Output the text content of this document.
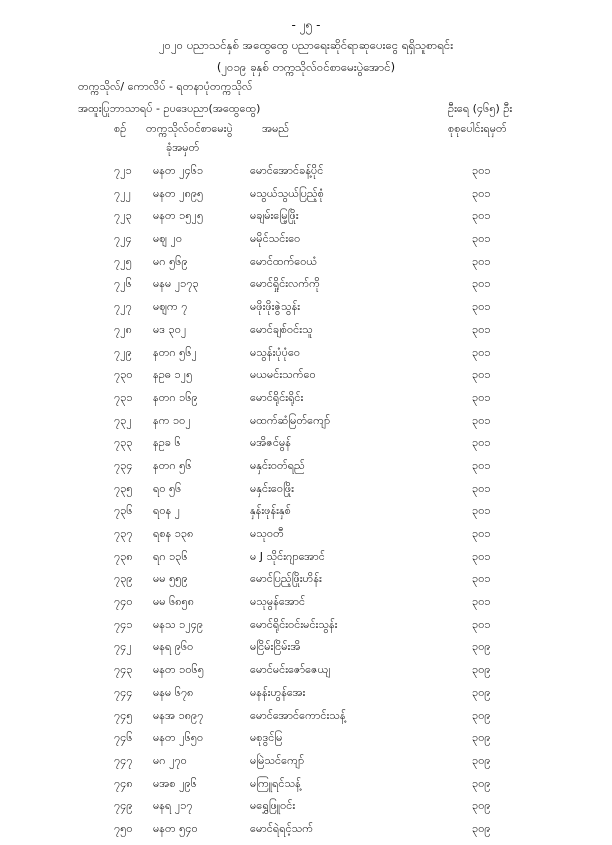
- ၂၅ -
၂၀၂၀ ပညာသင်နှစ် အထွေထွေ ပညာရေးဆိုင်ရာဆုပေးငွေ ရရှိသူစာရင်း
(၂၀၁၉ ခုနှစ် တက္ကသိုလ်ဝင်စာမေးပွဲအောင်)
တက္ကသိုလ်/ ကောလိပ် - ရတနာပုံတက္ကသိုလ်
အထူးပြုဘာသာရပ် - ဥပဒေပညာ(အထွေထွေ)	ဦးရေ (၄၆၅) ဦး
စဉ် တက္ကသိုလ်ဝင်စာမေးပွဲ
ခုံအမှတ်
အမည်	စုစုပေါင်းရမှတ်
၇၂၁ မနတ ၂၄၆၁	မောင်အောင်ခန့်ပိုင်	၃၀၁
၇၂၂ မနတ ၂၈၉၅	မသွယ်သွယ်ပြည့်စုံ	၃၀၁
၇၂၃ မနတ ၁၅၂၅	မချမ်းမြေ့ဖြိုး	၃၀၁
၇၂၄ မဈ ၂၀	မမိုင်သင်းဝေ	၃၀၁
၇၂၅ မဂ ၅၆၉	မောင်ထက်ဝေယံ	၃၀၁
၇၂၆ မနမ ၂၁၇၃	မောင်ရှိုင်းလက်ကို	၃၀၁
၇၂၇ မဈက ၇	မဖိုးဖိုးဇွဲသွန်း	၃၀၁
၇၂၈ မဒ ၃၀၂	မောင်ချစ်ဝင်းသူ	၃၀၁
၇၂၉ နတဂ ၅၆၂	မသွန်းပုံပုံဝေ	၃၀၁
၇၃၀ နဥဓ ၁၂၅	မယမင်းသက်ဝေ	၃၀၁
၇၃၁ နတဂ ၁၆၉	မောင်ရိုင်းရိုင်း	၃၀၁
၇၃၂ နက ၁၀၂	မထက်ဆံမြတ်ကျော်	၃၀၁
၇၃၃ နဥခ ၆	မအိဇင်မွန်	၃၀၁
၇၃၄ နတဂ ၅၆	မနှင်းဝတ်ရည်	၃၀၁
၇၃၅ ရဝ ၅၆	မနှင်းဝေဖြိုး	၃၀၁
၇၃၆ ရဝန ၂	နှန်းဖုန်းနှစ်	၃၀၁
၇၃၇ ရစန ၁၃၈	မသုဝတီ	၃၀၁
၇၃၈ ရဂ ၁၃၆	မ J သိုင်းဂျာအောင်	၃၀၁
၇၃၉ မမ ၅၅၉	မောင်ပြည့်ဖြိုးဟိန်း	၃၀၁
၇၄၀ မမ ၆၈၅၈	မသုမွန်အောင်	၃၀၁
၇၄၁ မနသ ၁၂၄၉	မောင်ရိုင်းဝင်းမင်းသွန်း	၃၀၁
၇၄၂ မနရ ၉၆၀	မငြိမ်းငြိမ်းအိ	၃၀၉
၇၄၃ မနတ ၁၀၆၅	မောင်မင်းဇော်ဇေယျ	၃၀၉
၇၄၄ မနမ ၆၇၈	မနန်းဟွန်အေး	၃၀၉
၇၄၅ မနအ ၁၈၉၇	မောင်အောင်ကောင်းသန့်	၃၀၉
၇၄၆ မနတ ၂၆၅၀	မစုဒွင်မြ	၃၀၉
၇၄၇ မဂ ၂၇၀	မမြဲသင်ကျော်	၃၀၉
၇၄၈ မအစ ၂၉၆	မကြူရင်သန့်	၃၀၉
၇၄၉ မနရ ၂၁၇	မရွှေဖြူဝင်း	၃၀၉
၇၅၀ မနတ ၅၄၀	မောင်ရဲရင့်သက်	၃၀၉
